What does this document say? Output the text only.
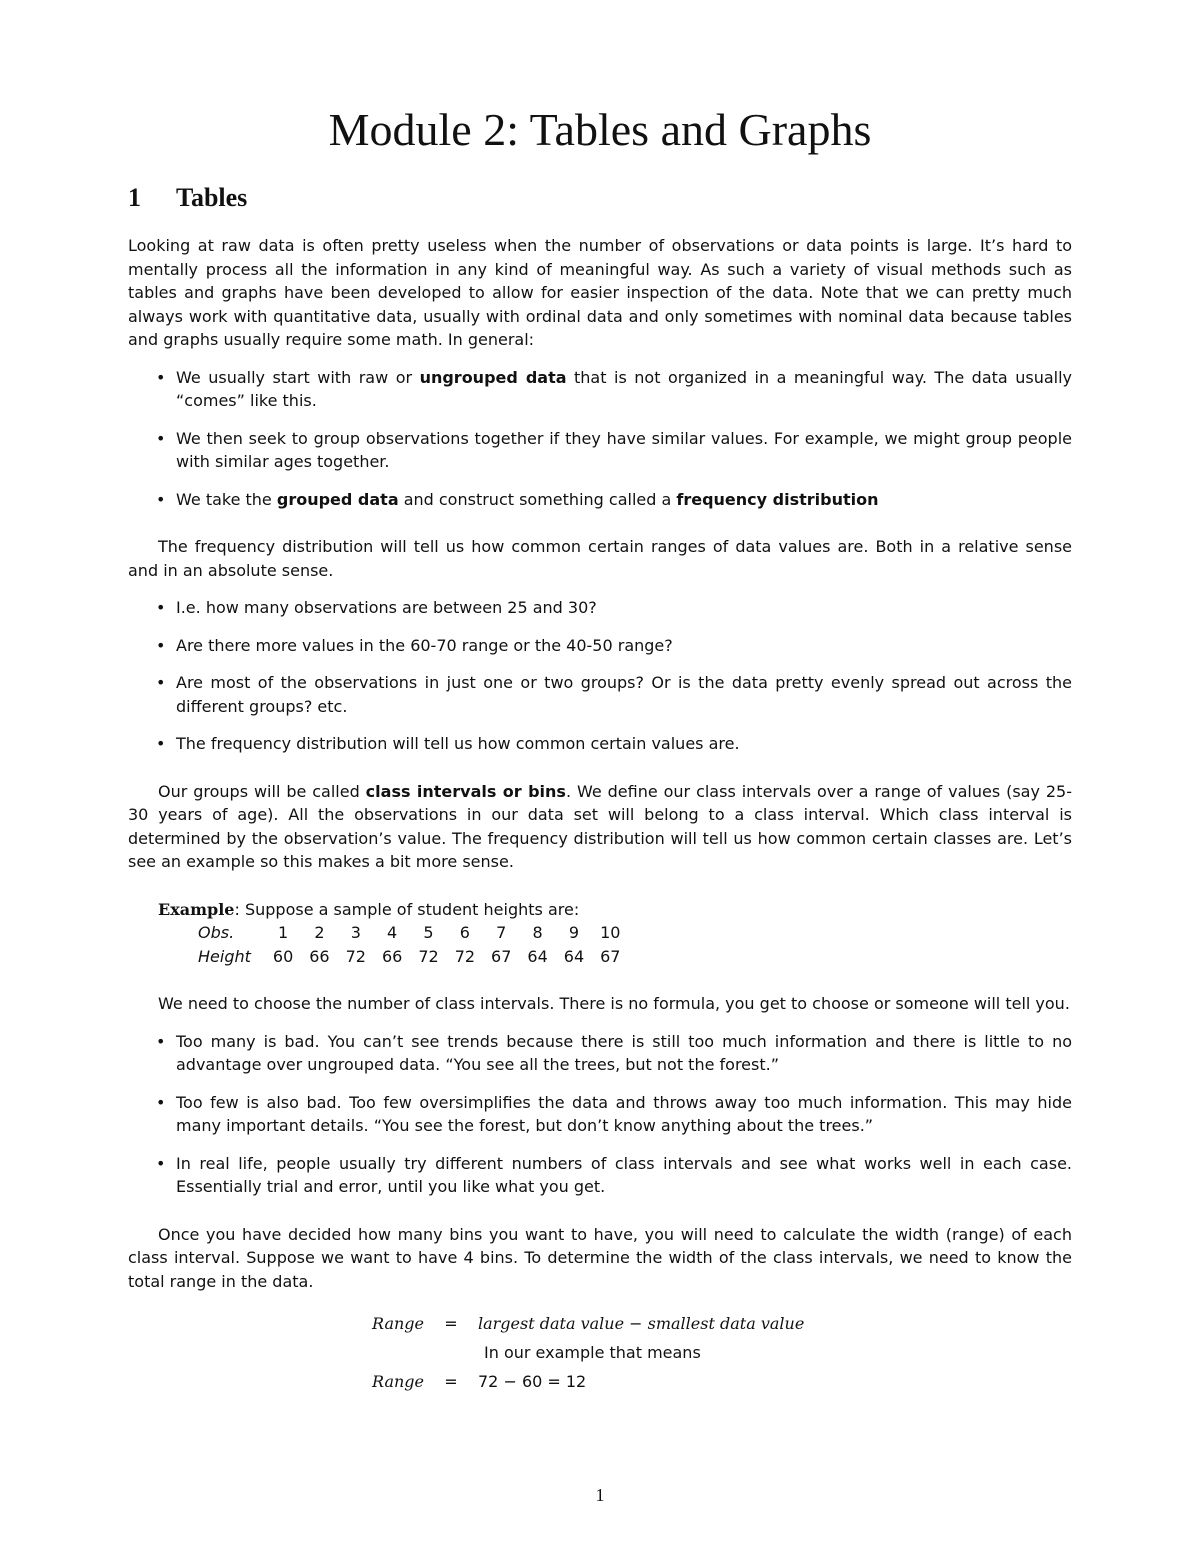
Module 2: Tables and Graphs
1 Tables

Looking at raw data is often pretty useless when the number of observations or data points is large. It’s hard to mentally process all the information in any kind of meaningful way. As such a variety of visual methods such as tables and graphs have been developed to allow for easier inspection of the data. Note that we can pretty much always work with quantitative data, usually with ordinal data and only sometimes with nominal data because tables and graphs usually require some math. In general:

• We usually start with raw or ungrouped data that is not organized in a meaningful way. The data usually “comes” like this.
• We then seek to group observations together if they have similar values. For example, we might group people with similar ages together.
• We take the grouped data and construct something called a frequency distribution

The frequency distribution will tell us how common certain ranges of data values are. Both in a relative sense and in an absolute sense.

• I.e. how many observations are between 25 and 30?
• Are there more values in the 60-70 range or the 40-50 range?
• Are most of the observations in just one or two groups? Or is the data pretty evenly spread out across the different groups? etc.
• The frequency distribution will tell us how common certain values are.

Our groups will be called class intervals or bins. We define our class intervals over a range of values (say 25-30 years of age). All the observations in our data set will belong to a class interval. Which class interval is determined by the observation’s value. The frequency distribution will tell us how common certain classes are. Let’s see an example so this makes a bit more sense.

Example: Suppose a sample of student heights are:
Obs.	1	2	3	4	5	6	7	8	9	10
Height	60	66	72	66	72	72	67	64	64	67

We need to choose the number of class intervals. There is no formula, you get to choose or someone will tell you.

• Too many is bad. You can’t see trends because there is still too much information and there is little to no advantage over ungrouped data. “You see all the trees, but not the forest.”
• Too few is also bad. Too few oversimplifies the data and throws away too much information. This may hide many important details. “You see the forest, but don’t know anything about the trees.”
• In real life, people usually try different numbers of class intervals and see what works well in each case. Essentially trial and error, until you like what you get.

Once you have decided how many bins you want to have, you will need to calculate the width (range) of each class interval. Suppose we want to have 4 bins. To determine the width of the class intervals, we need to know the total range in the data.

Range	=	largest data value − smallest data value
In our example that means
Range	=	72 − 60 = 12
1
